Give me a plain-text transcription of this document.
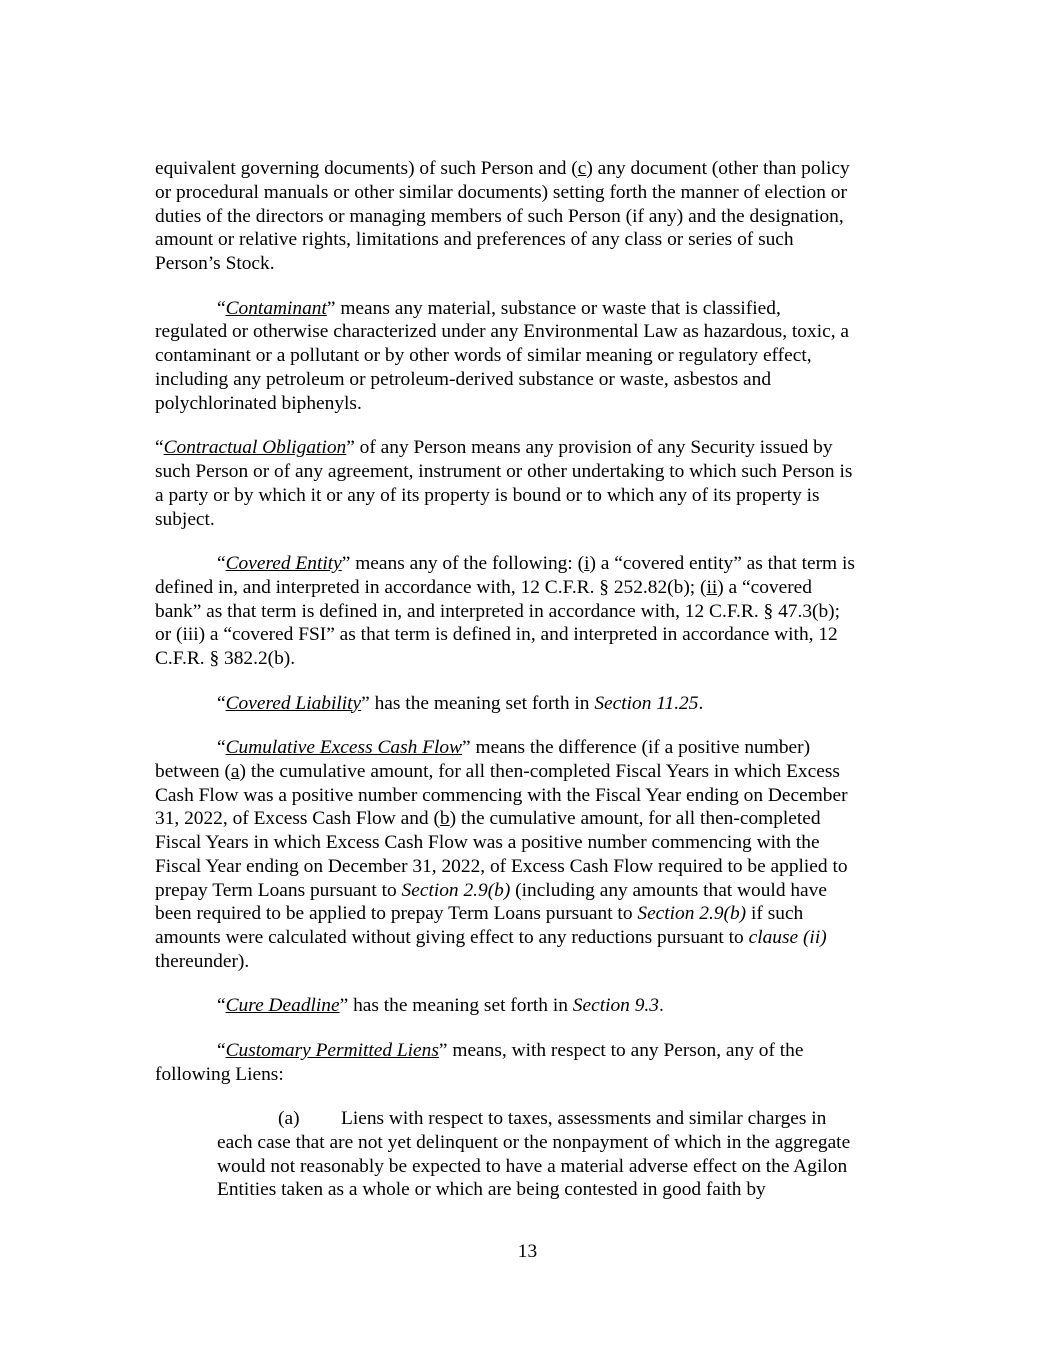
equivalent governing documents) of such Person and (c) any document (other than policy
or procedural manuals or other similar documents) setting forth the manner of election or
duties of the directors or managing members of such Person (if any) and the designation,
amount or relative rights, limitations and preferences of any class or series of such
Person’s Stock.

“Contaminant” means any material, substance or waste that is classified,
regulated or otherwise characterized under any Environmental Law as hazardous, toxic, a
contaminant or a pollutant or by other words of similar meaning or regulatory effect,
including any petroleum or petroleum-derived substance or waste, asbestos and
polychlorinated biphenyls.

“Contractual Obligation” of any Person means any provision of any Security issued by
such Person or of any agreement, instrument or other undertaking to which such Person is
a party or by which it or any of its property is bound or to which any of its property is
subject.

“Covered Entity” means any of the following: (i) a “covered entity” as that term is
defined in, and interpreted in accordance with, 12 C.F.R. § 252.82(b); (ii) a “covered
bank” as that term is defined in, and interpreted in accordance with, 12 C.F.R. § 47.3(b);
or (iii) a “covered FSI” as that term is defined in, and interpreted in accordance with, 12
C.F.R. § 382.2(b).

“Covered Liability” has the meaning set forth in Section 11.25.

“Cumulative Excess Cash Flow” means the difference (if a positive number)
between (a) the cumulative amount, for all then-completed Fiscal Years in which Excess
Cash Flow was a positive number commencing with the Fiscal Year ending on December
31, 2022, of Excess Cash Flow and (b) the cumulative amount, for all then-completed
Fiscal Years in which Excess Cash Flow was a positive number commencing with the
Fiscal Year ending on December 31, 2022, of Excess Cash Flow required to be applied to
prepay Term Loans pursuant to Section 2.9(b) (including any amounts that would have
been required to be applied to prepay Term Loans pursuant to Section 2.9(b) if such
amounts were calculated without giving effect to any reductions pursuant to clause (ii)
thereunder).

“Cure Deadline” has the meaning set forth in Section 9.3.

“Customary Permitted Liens” means, with respect to any Person, any of the
following Liens:

(a) Liens with respect to taxes, assessments and similar charges in
each case that are not yet delinquent or the nonpayment of which in the aggregate
would not reasonably be expected to have a material adverse effect on the Agilon
Entities taken as a whole or which are being contested in good faith by

13
